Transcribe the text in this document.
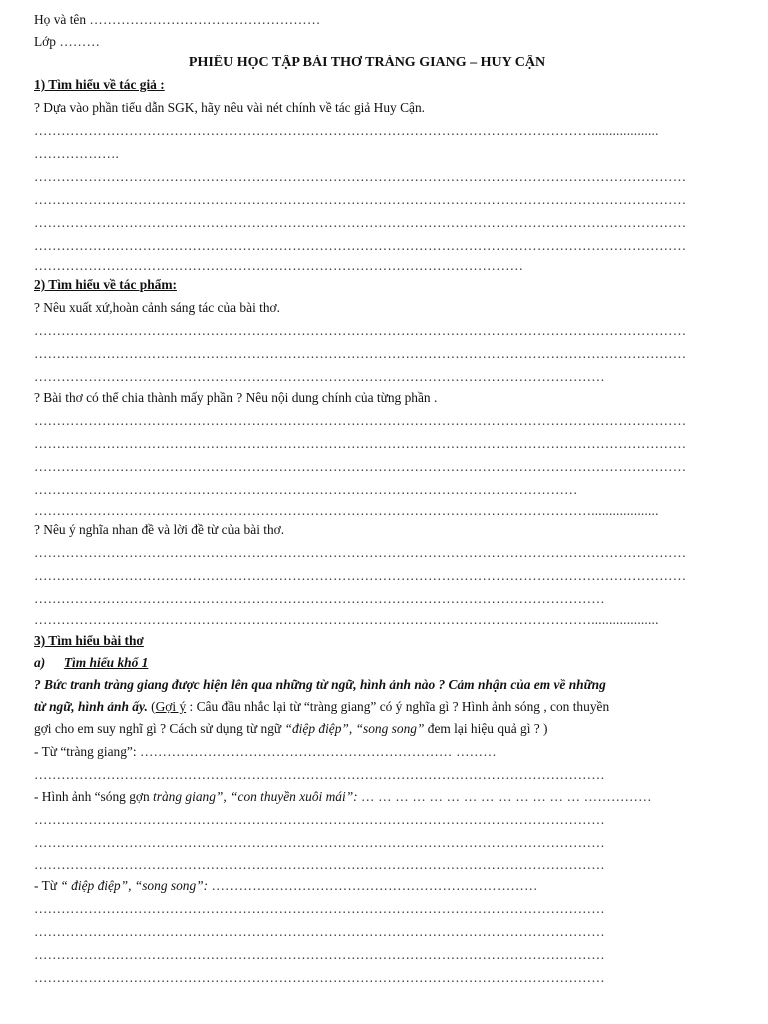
Họ và tên ……………………………………………
Lớp ………
PHIẾU HỌC TẬP BÀI THƠ TRÀNG GIANG – HUY CẬN
1) Tìm hiểu về tác giả :
? Dựa vào phần tiểu dẫn SGK, hãy nêu vài nét chính về tác giả Huy Cận.
……………………………………………………………………………………………………………...................
……………….
………………………………………………………………………………………………………………………………
………………………………………………………………………………………………………………………………
………………………………………………………………………………………………………………………………
………………………………………………………………………………………………………………………………
………………………………………………………………………………………………
2) Tìm hiểu về tác phẩm:
? Nêu xuất xứ,hoàn cảnh sáng tác của bài thơ.
………………………………………………………………………………………………………………………………
………………………………………………………………………………………………………………………………
………………………………………………………………………………………………………………
? Bài thơ có thể chia thành mấy phần ? Nêu nội dung chính của từng phần .
………………………………………………………………………………………………………………………………
………………………………………………………………………………………………………………………………
………………………………………………………………………………………………………………………………
…………………………………………………………………………………………………………
……………………………………………………………………………………………………………...................
? Nêu ý nghĩa nhan đề và lời đề từ của bài thơ.
………………………………………………………………………………………………………………………………
………………………………………………………………………………………………………………………………
………………………………………………………………………………………………………………
……………………………………………………………………………………………………………...................
3) Tìm hiểu bài thơ
a) Tìm hiểu khổ 1
? Bức tranh tràng giang được hiện lên qua những từ ngữ, hình ảnh nào ? Cảm nhận của em về những
từ ngữ, hình ảnh ấy. (Gợi ý : Câu đầu nhắc lại từ “tràng giang” có ý nghĩa gì ? Hình ảnh sóng , con thuyền
gợi cho em suy nghĩ gì ? Cách sử dụng từ ngữ “điệp điệp”, “song song” đem lại hiệu quả gì ? )
- Từ “tràng giang”: …………………………………………………………… ………
………………………………………………………………………………………………………………
- Hình ảnh “sóng gợn tràng giang”, “con thuyền xuôi mái”: … … … … … … … … … … … … … ……………
………………………………………………………………………………………………………………
………………………………………………………………………………………………………………
………………………………………………………………………………………………………………
- Từ “ điệp điệp”, “song song”: ………………………………………………………………
………………………………………………………………………………………………………………
………………………………………………………………………………………………………………
………………………………………………………………………………………………………………
………………………………………………………………………………………………………………
